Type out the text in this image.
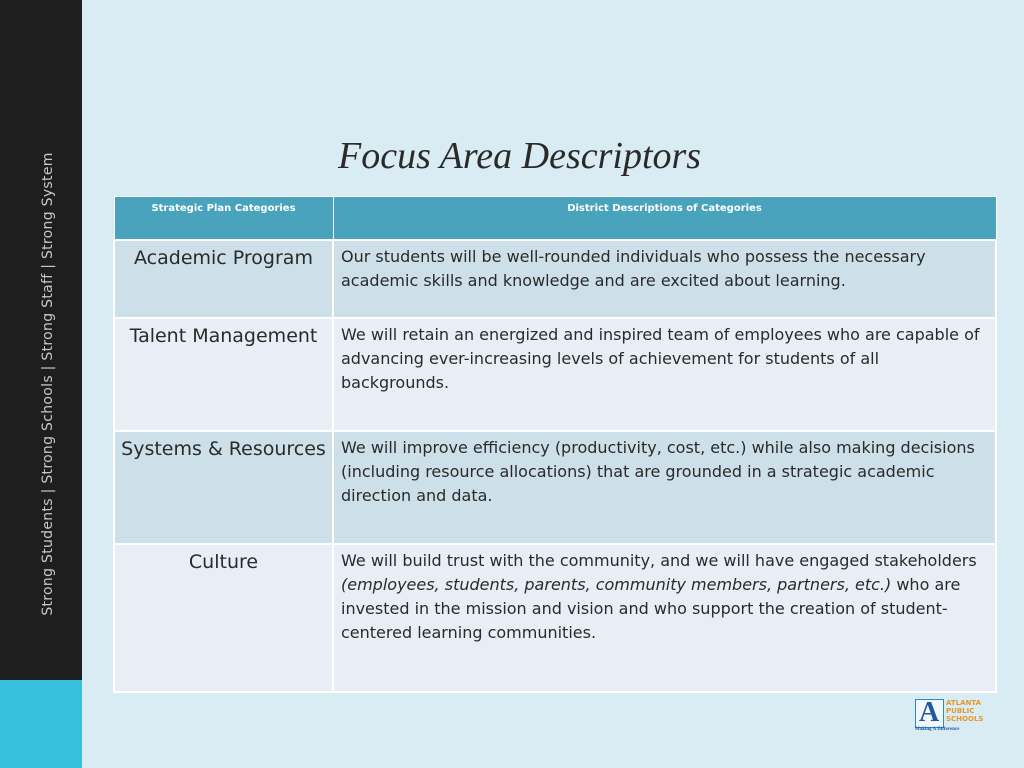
Strong Students | Strong Schools | Strong Staff | Strong System	Focus Area Descriptors
Strategic Plan Categories	District Descriptions of Categories
Academic Program	Our students will be well-rounded individuals who possess the necessary academic skills and knowledge and are excited about learning.
Talent Management	We will retain an energized and inspired team of employees who are capable of advancing ever-increasing levels of achievement for students of all backgrounds.
Systems & Resources	We will improve efficiency (productivity, cost, etc.) while also making decisions (including resource allocations) that are grounded in a strategic academic direction and data.
Culture	We will build trust with the community, and we will have engaged stakeholders (employees, students, parents, community members, partners, etc.) who are invested in the mission and vision and who support the creation of student-centered learning communities.
A ATLANTA
PUBLIC
SCHOOLS
Making A Difference
